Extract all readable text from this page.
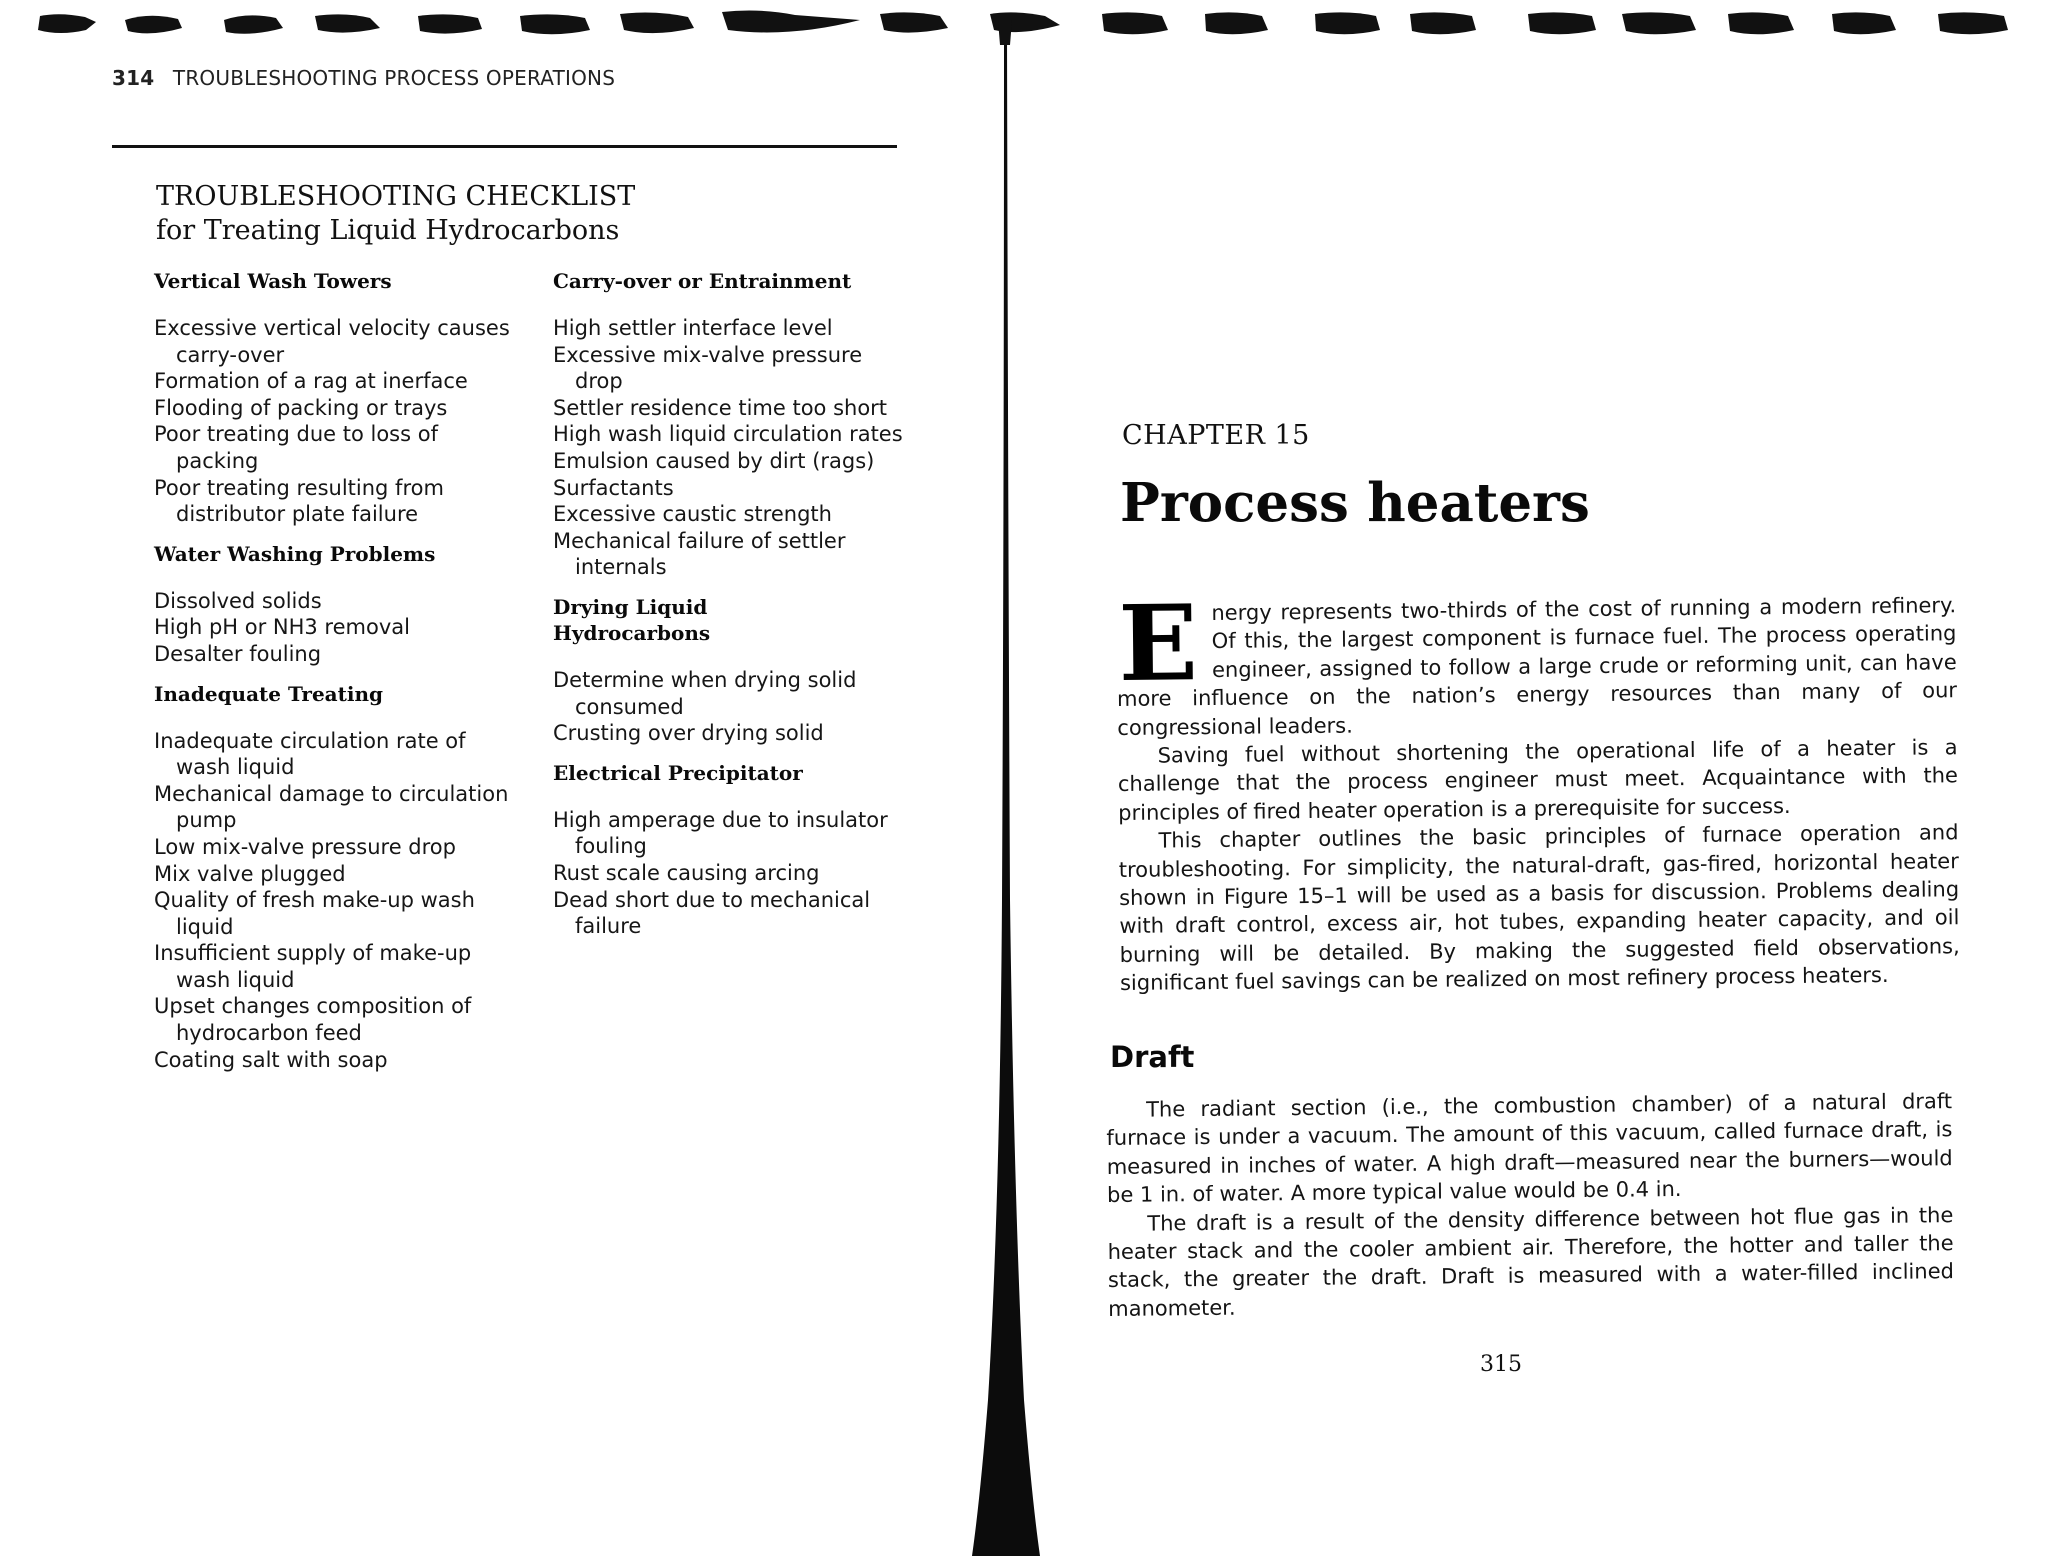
314 TROUBLESHOOTING PROCESS OPERATIONS
TROUBLESHOOTING CHECKLIST
for Treating Liquid Hydrocarbons
Vertical Wash Towers
Excessive vertical velocity causes carry-over
Formation of a rag at inerface
Flooding of packing or trays
Poor treating due to loss of packing
Poor treating resulting from distributor plate failure
Water Washing Problems
Dissolved solids
High pH or NH3 removal
Desalter fouling
Inadequate Treating
Inadequate circulation rate of wash liquid
Mechanical damage to circulation pump
Low mix-valve pressure drop
Mix valve plugged
Quality of fresh make-up wash liquid
Insufficient supply of make-up wash liquid
Upset changes composition of hydrocarbon feed
Coating salt with soap
Carry-over or Entrainment
High settler interface level
Excessive mix-valve pressure drop
Settler residence time too short
High wash liquid circulation rates
Emulsion caused by dirt (rags)
Surfactants
Excessive caustic strength
Mechanical failure of settler internals
Drying Liquid Hydrocarbons
Determine when drying solid consumed
Crusting over drying solid
Electrical Precipitator
High amperage due to insulator fouling
Rust scale causing arcing
Dead short due to mechanical failure
CHAPTER 15
Process heaters

Energy represents two-thirds of the cost of running a modern refinery. Of this, the largest component is furnace fuel. The process operating engineer, assigned to follow a large crude or reforming unit, can have more influence on the nation’s energy resources than many of our congressional leaders.

Saving fuel without shortening the operational life of a heater is a challenge that the process engineer must meet. Acquaintance with the principles of fired heater operation is a prerequisite for success.

This chapter outlines the basic principles of furnace operation and troubleshooting. For simplicity, the natural-draft, gas-fired, horizontal heater shown in Figure 15–1 will be used as a basis for discussion. Problems dealing with draft control, excess air, hot tubes, expanding heater capacity, and oil burning will be detailed. By making the suggested field observations, significant fuel savings can be realized on most refinery process heaters.

Draft

The radiant section (i.e., the combustion chamber) of a natural draft furnace is under a vacuum. The amount of this vacuum, called furnace draft, is measured in inches of water. A high draft—measured near the burners—would be 1 in. of water. A more typical value would be 0.4 in.

The draft is a result of the density difference between hot flue gas in the heater stack and the cooler ambient air. Therefore, the hotter and taller the stack, the greater the draft. Draft is measured with a water-filled inclined manometer.

315
